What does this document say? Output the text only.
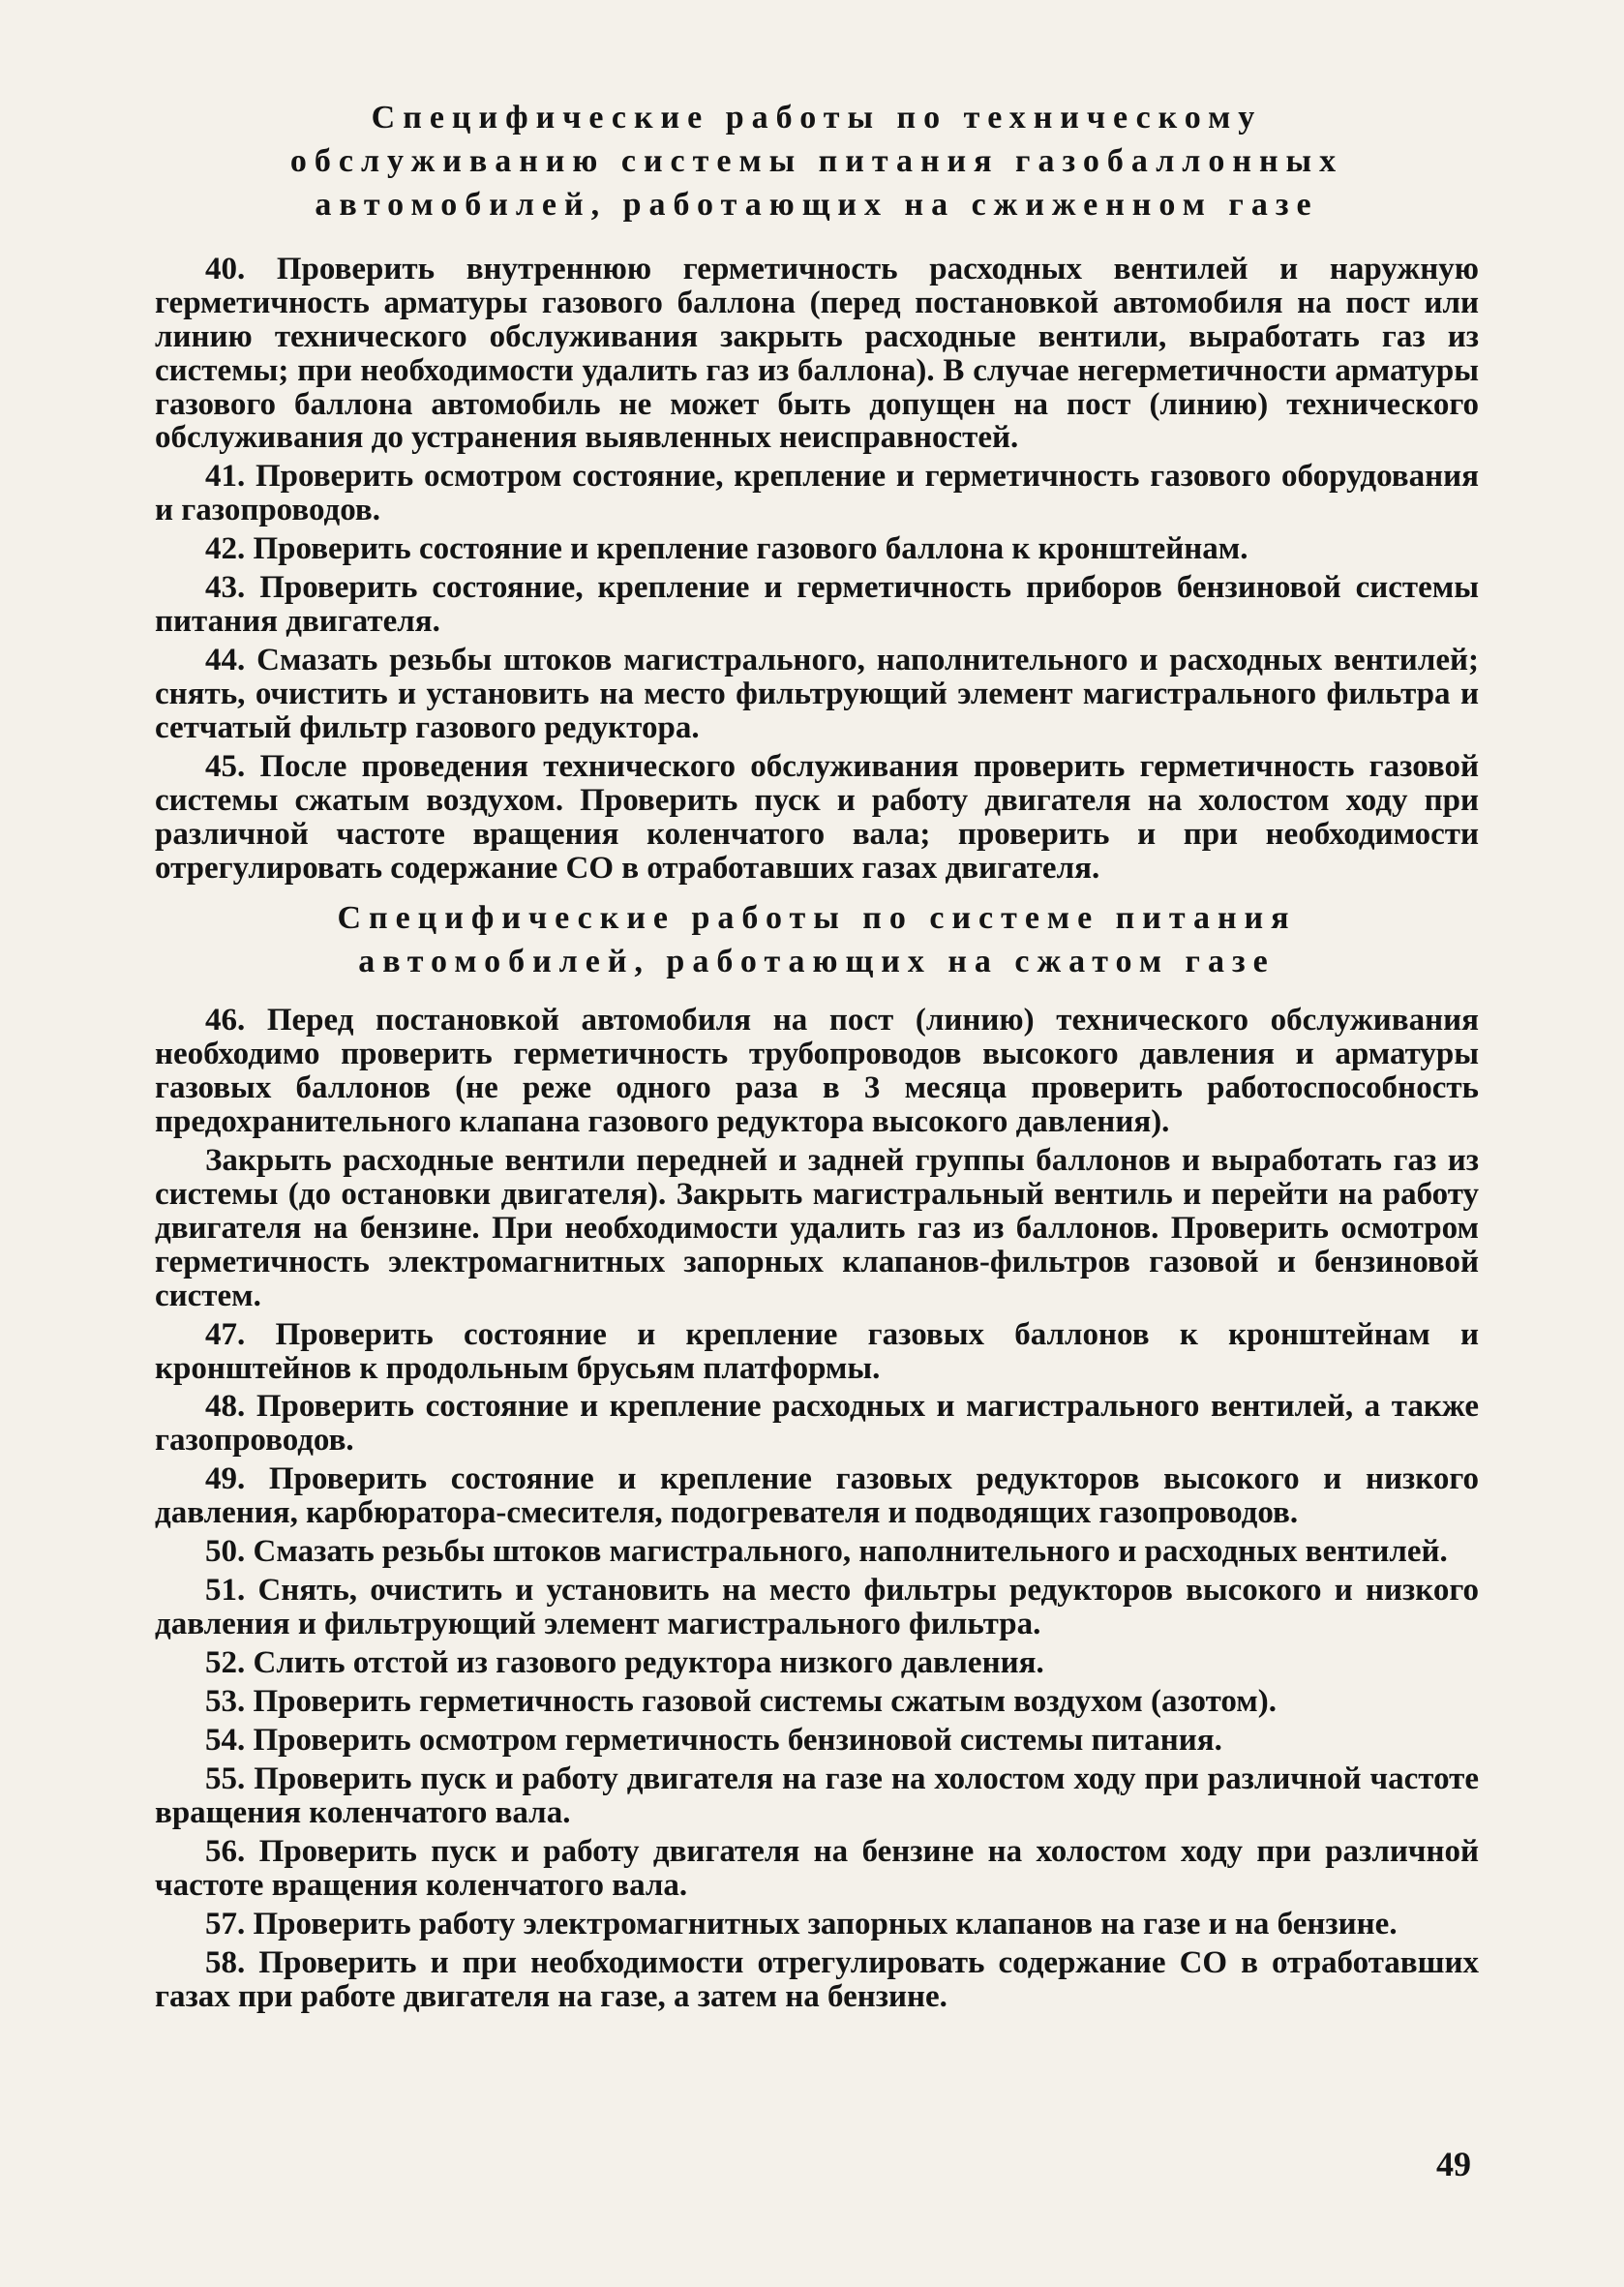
Специфические работы по техническому
обслуживанию системы питания газобаллонных
автомобилей, работающих на сжиженном газе

40. Проверить внутреннюю герметичность расходных вентилей и наружную герметичность арматуры газового баллона (перед постановкой автомобиля на пост или линию технического обслуживания закрыть расходные вентили, выработать газ из системы; при необходимости удалить газ из баллона). В случае негерметичности арматуры газового баллона автомобиль не может быть допущен на пост (линию) технического обслуживания до устранения выявленных неисправностей.

41. Проверить осмотром состояние, крепление и герметичность газового оборудования и газопроводов.

42. Проверить состояние и крепление газового баллона к кронштейнам.

43. Проверить состояние, крепление и герметичность приборов бензиновой системы питания двигателя.

44. Смазать резьбы штоков магистрального, наполнительного и расходных вентилей; снять, очистить и установить на место фильтрующий элемент магистрального фильтра и сетчатый фильтр газового редуктора.

45. После проведения технического обслуживания проверить герметичность газовой системы сжатым воздухом. Проверить пуск и работу двигателя на холостом ходу при различной частоте вращения коленчатого вала; проверить и при необходимости отрегулировать содержание СО в отработавших газах двигателя.

Специфические работы по системе питания
автомобилей, работающих на сжатом газе

46. Перед постановкой автомобиля на пост (линию) технического обслуживания необходимо проверить герметичность трубопроводов высокого давления и арматуры газовых баллонов (не реже одного раза в 3 месяца проверить работоспособность предохранительного клапана газового редуктора высокого давления).

Закрыть расходные вентили передней и задней группы баллонов и выработать газ из системы (до остановки двигателя). Закрыть магистральный вентиль и перейти на работу двигателя на бензине. При необходимости удалить газ из баллонов. Проверить осмотром герметичность электромагнитных запорных клапанов-фильтров газовой и бензиновой систем.

47. Проверить состояние и крепление газовых баллонов к кронштейнам и кронштейнов к продольным брусьям платформы.

48. Проверить состояние и крепление расходных и магистрального вентилей, а также газопроводов.

49. Проверить состояние и крепление газовых редукторов высокого и низкого давления, карбюратора-смесителя, подогревателя и подводящих газопроводов.

50. Смазать резьбы штоков магистрального, наполнительного и расходных вентилей.

51. Снять, очистить и установить на место фильтры редукторов высокого и низкого давления и фильтрующий элемент магистрального фильтра.

52. Слить отстой из газового редуктора низкого давления.

53. Проверить герметичность газовой системы сжатым воздухом (азотом).

54. Проверить осмотром герметичность бензиновой системы питания.

55. Проверить пуск и работу двигателя на газе на холостом ходу при различной частоте вращения коленчатого вала.

56. Проверить пуск и работу двигателя на бензине на холостом ходу при различной частоте вращения коленчатого вала.

57. Проверить работу электромагнитных запорных клапанов на газе и на бензине.

58. Проверить и при необходимости отрегулировать содержание СО в отработавших газах при работе двигателя на газе, а затем на бензине.

49
